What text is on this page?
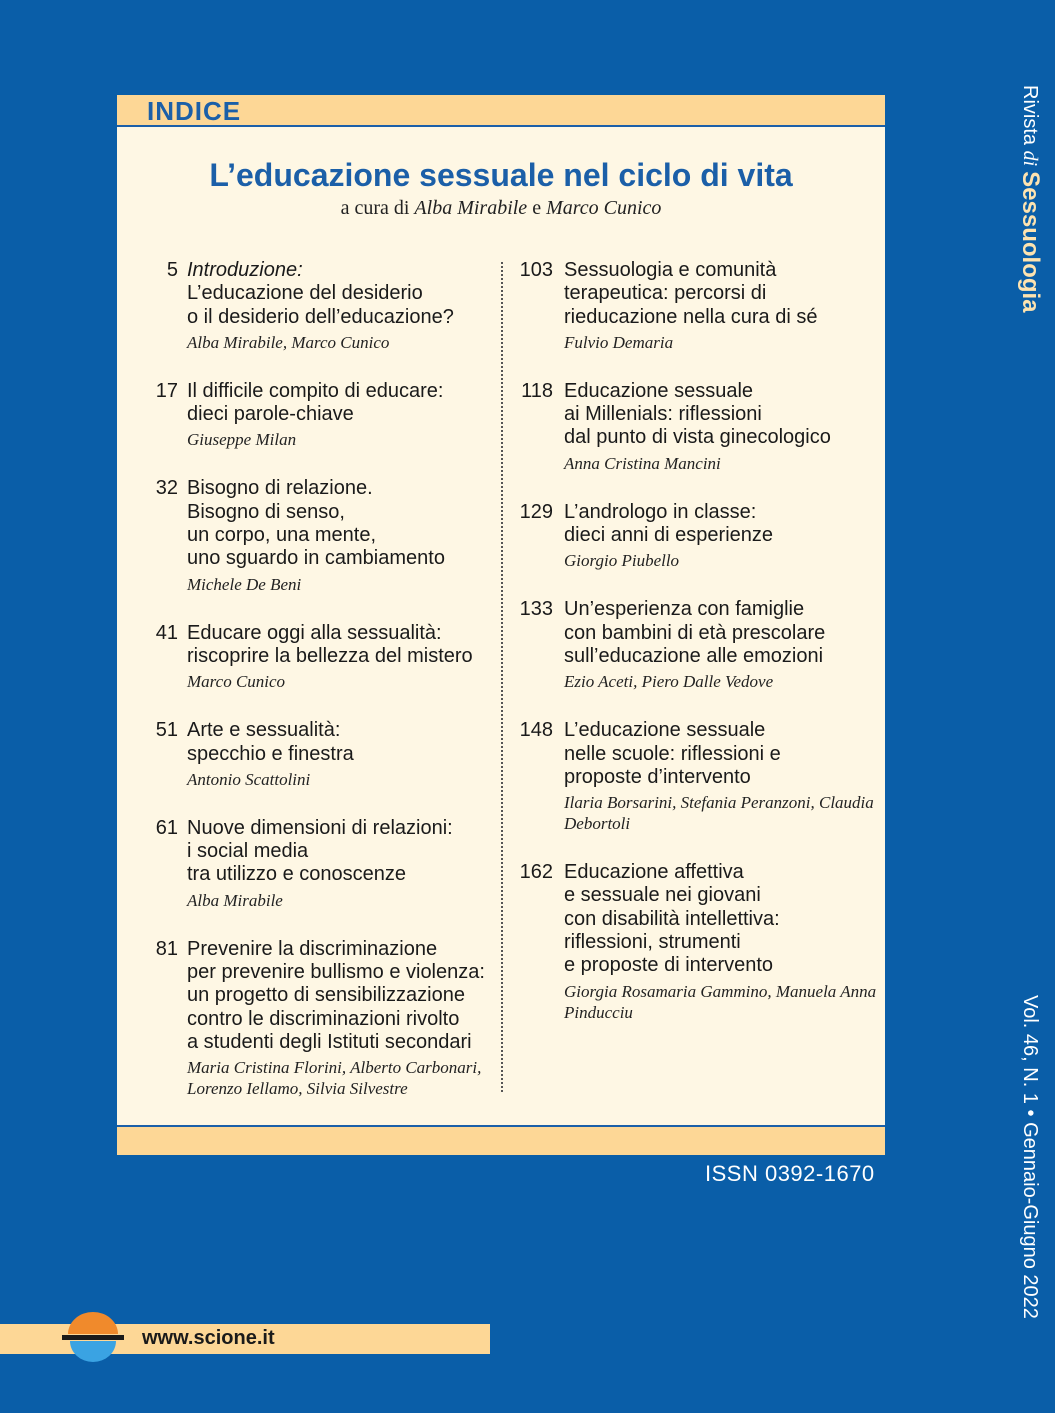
INDICE
L’educazione sessuale nel ciclo di vita
a cura di Alba Mirabile e Marco Cunico
5 Introduzione:
L’educazione del desiderio
o il desiderio dell’educazione?
Alba Mirabile, Marco Cunico
17 Il difficile compito di educare:
dieci parole-chiave
Giuseppe Milan
32 Bisogno di relazione.
Bisogno di senso,
un corpo, una mente,
uno sguardo in cambiamento
Michele De Beni
41 Educare oggi alla sessualità:
riscoprire la bellezza del mistero
Marco Cunico
51 Arte e sessualità:
specchio e finestra
Antonio Scattolini
61 Nuove dimensioni di relazioni:
i social media
tra utilizzo e conoscenze
Alba Mirabile
81 Prevenire la discriminazione
per prevenire bullismo e violenza:
un progetto di sensibilizzazione
contro le discriminazioni rivolto
a studenti degli Istituti secondari
Maria Cristina Florini, Alberto Carbonari, Lorenzo Iellamo, Silvia Silvestre
103 Sessuologia e comunità
terapeutica: percorsi di
rieducazione nella cura di sé
Fulvio Demaria
118 Educazione sessuale
ai Millenials: riflessioni
dal punto di vista ginecologico
Anna Cristina Mancini
129 L’andrologo in classe:
dieci anni di esperienze
Giorgio Piubello
133 Un’esperienza con famiglie
con bambini di età prescolare
sull’educazione alle emozioni
Ezio Aceti, Piero Dalle Vedove
148 L’educazione sessuale
nelle scuole: riflessioni e
proposte d’intervento
Ilaria Borsarini, Stefania Peranzoni, Claudia Debortoli
162 Educazione affettiva
e sessuale nei giovani
con disabilità intellettiva:
riflessioni, strumenti
e proposte di intervento
Giorgia Rosamaria Gammino, Manuela Anna Pinducciu
ISSN 0392-1670
Rivista di Sessuologia
Vol. 46, N. 1 • Gennaio-Giugno 2022
www.scione.it
